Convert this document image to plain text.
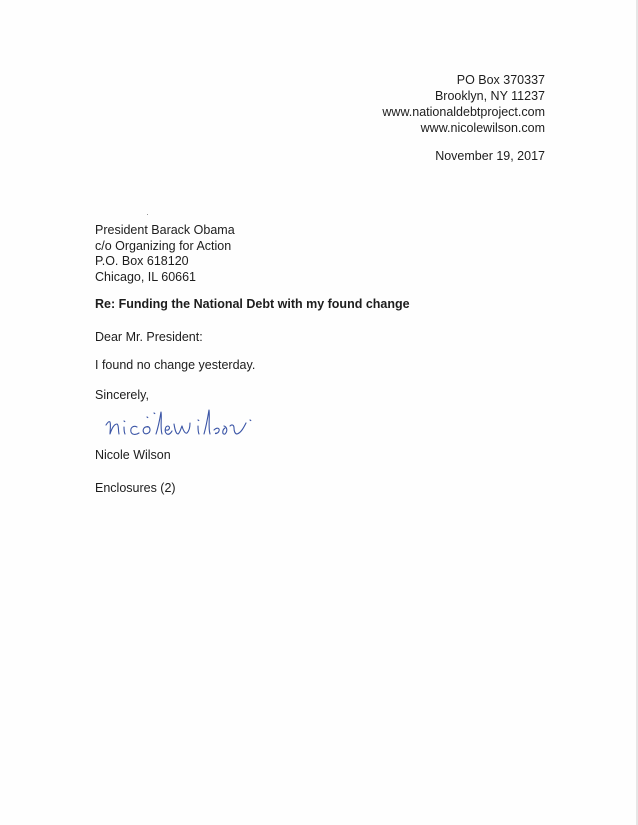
PO Box 370337
Brooklyn, NY 11237
www.nationaldebtproject.com
www.nicolewilson.com
November 19, 2017
President Barack Obama
c/o Organizing for Action
P.O. Box 618120
Chicago, IL 60661
Re: Funding the National Debt with my found change
Dear Mr. President:
I found no change yesterday.
Sincerely,
Nicole Wilson
Enclosures (2)
